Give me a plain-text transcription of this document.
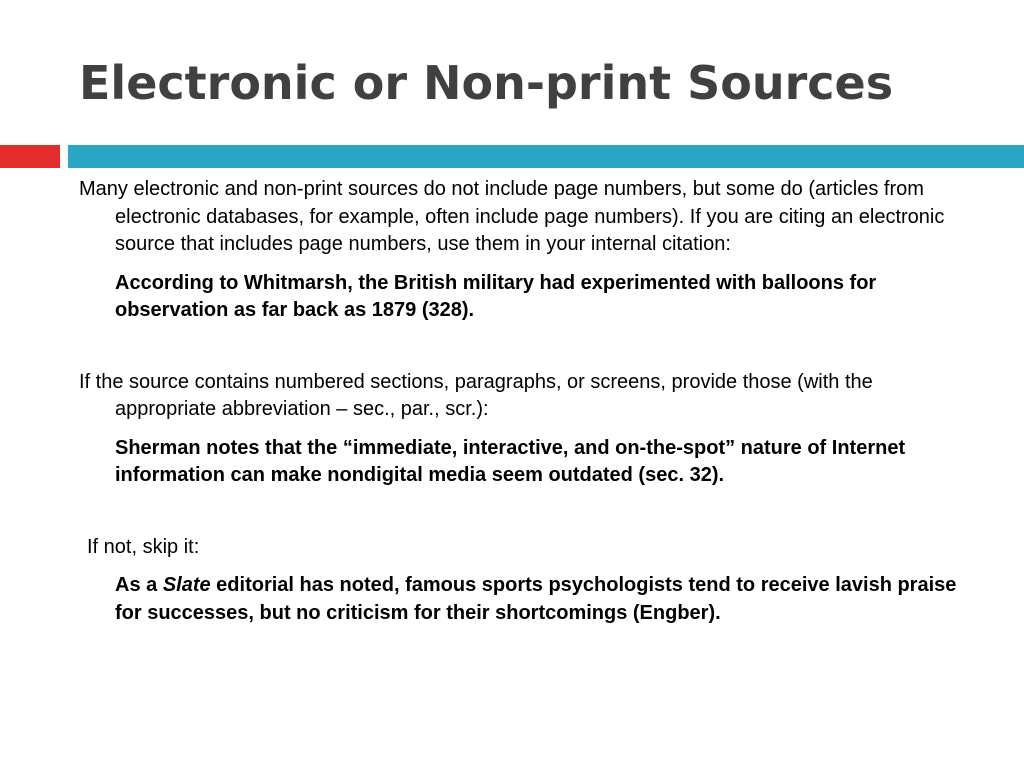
Electronic or Non-print Sources

Many electronic and non-print sources do not include page numbers, but some do (articles from electronic databases, for example, often include page numbers). If you are citing an electronic source that includes page numbers, use them in your internal citation:

According to Whitmarsh, the British military had experimented with balloons for observation as far back as 1879 (328).

If the source contains numbered sections, paragraphs, or screens, provide those (with the appropriate abbreviation – sec., par., scr.):

Sherman notes that the “immediate, interactive, and on-the-spot” nature of Internet information can make nondigital media seem outdated (sec. 32).

If not, skip it:

As a Slate editorial has noted, famous sports psychologists tend to receive lavish praise for successes, but no criticism for their shortcomings (Engber).
